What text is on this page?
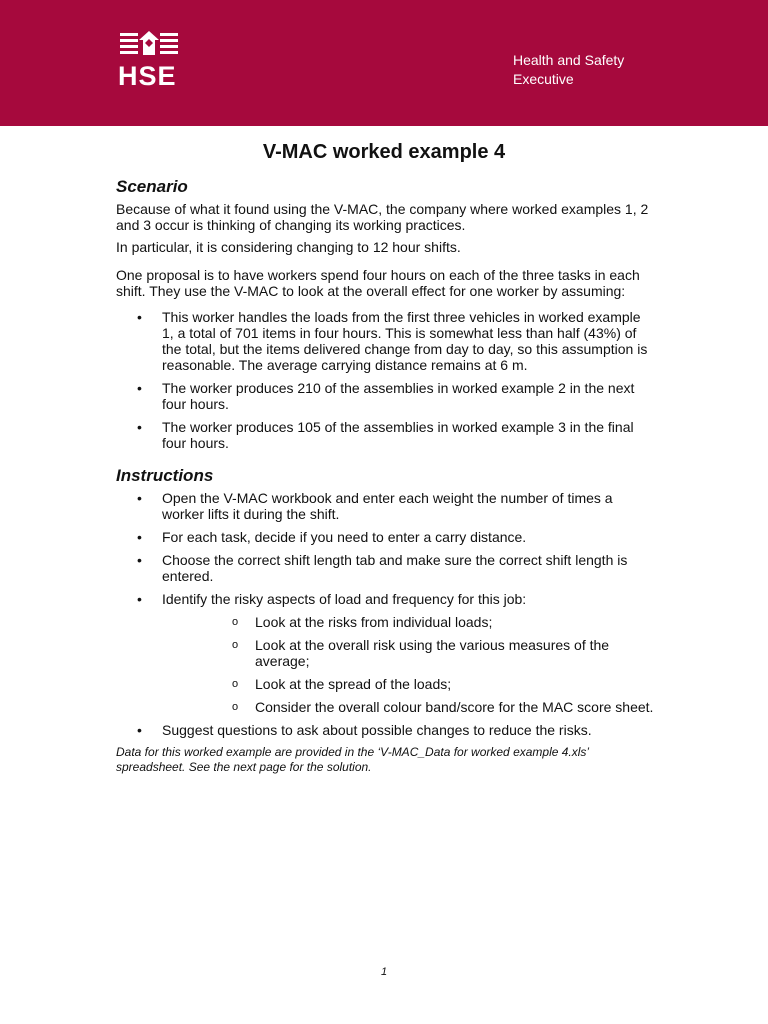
HSE
Health and Safety
Executive
V-MAC worked example 4
Scenario

Because of what it found using the V-MAC, the company where worked examples 1, 2 and 3 occur is thinking of changing its working practices.

In particular, it is considering changing to 12 hour shifts.

One proposal is to have workers spend four hours on each of the three tasks in each shift. They use the V-MAC to look at the overall effect for one worker by assuming:

• This worker handles the loads from the first three vehicles in worked example 1, a total of 701 items in four hours. This is somewhat less than half (43%) of the total, but the items delivered change from day to day, so this assumption is reasonable. The average carrying distance remains at 6 m.
• The worker produces 210 of the assemblies in worked example 2 in the next four hours.
• The worker produces 105 of the assemblies in worked example 3 in the final four hours.
Instructions
• Open the V-MAC workbook and enter each weight the number of times a worker lifts it during the shift.
• For each task, decide if you need to enter a carry distance.
• Choose the correct shift length tab and make sure the correct shift length is entered.
• Identify the risky aspects of load and frequency for this job:
o Look at the risks from individual loads;
o Look at the overall risk using the various measures of the average;
o Look at the spread of the loads;
o Consider the overall colour band/score for the MAC score sheet.
• Suggest questions to ask about possible changes to reduce the risks.

Data for this worked example are provided in the ‘V-MAC_Data for worked example 4.xls’ spreadsheet. See the next page for the solution.

1
